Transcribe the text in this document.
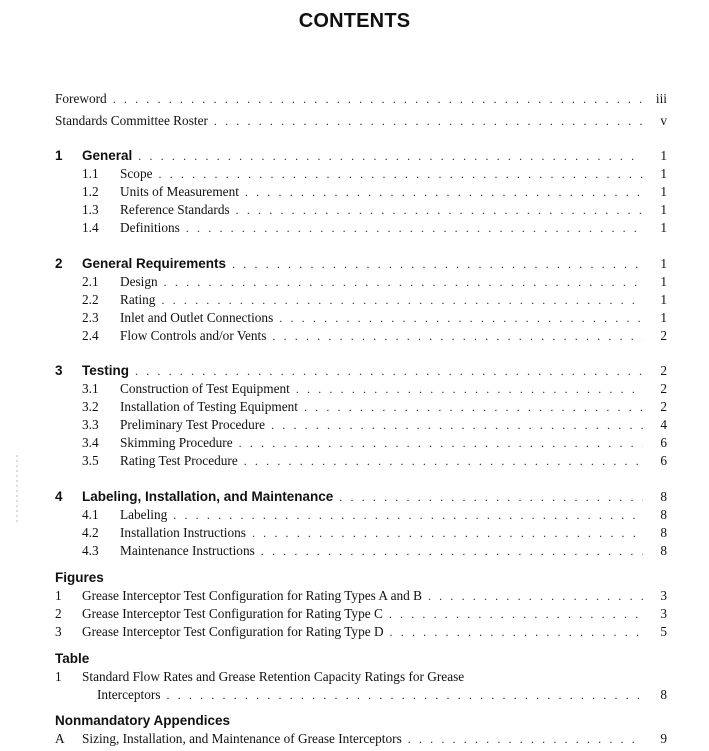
CONTENTS
Foreword . . .	iii
Standards Committee Roster . . .	v
1	General . . .	1
1.1	Scope . . .	1
1.2	Units of Measurement . . .	1
1.3	Reference Standards . . .	1
1.4	Definitions . . .	1
2	General Requirements . . .	1
2.1	Design . . .	1
2.2	Rating . . .	1
2.3	Inlet and Outlet Connections . . .	1
2.4	Flow Controls and/or Vents . . .	2
3	Testing . . .	2
3.1	Construction of Test Equipment . . .	2
3.2	Installation of Testing Equipment . . .	2
3.3	Preliminary Test Procedure . . .	4
3.4	Skimming Procedure . . .	6
3.5	Rating Test Procedure . . .	6
4	Labeling, Installation, and Maintenance . . .	8
4.1	Labeling . . .	8
4.2	Installation Instructions . . .	8
4.3	Maintenance Instructions . . .	8
Figures
1	Grease Interceptor Test Configuration for Rating Types A and B . . .	3
2	Grease Interceptor Test Configuration for Rating Type C . . .	3
3	Grease Interceptor Test Configuration for Rating Type D . . .	5
Table
1 Standard Flow Rates and Grease Retention Capacity Ratings for Grease
Interceptors . . .	8
Nonmandatory Appendices
A	Sizing, Installation, and Maintenance of Grease Interceptors . . .	9
